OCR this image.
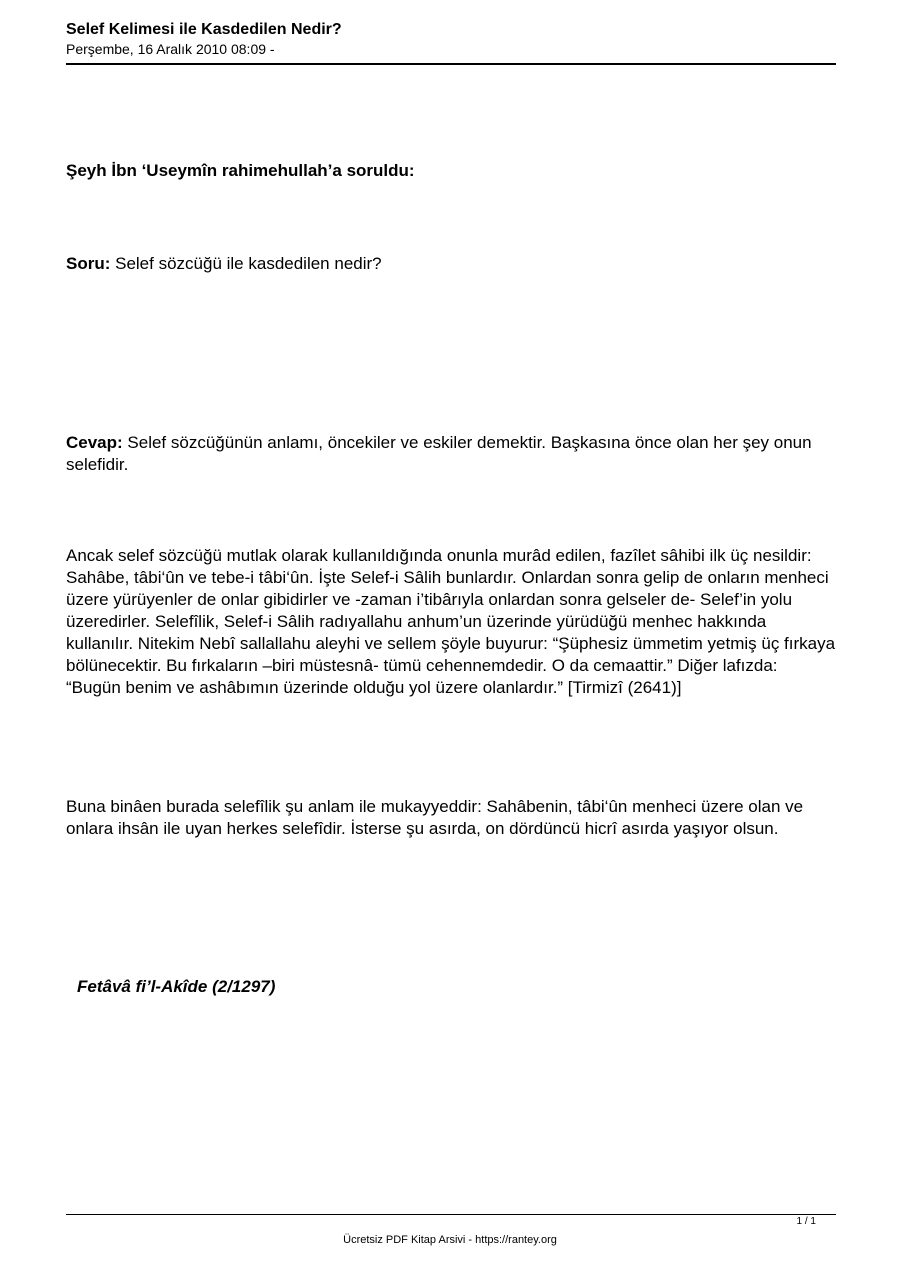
Selef Kelimesi ile Kasdedilen Nedir?
Perşembe, 16 Aralık 2010 08:09 -
Şeyh İbn ‘Useymîn rahimehullah’a soruldu:
Soru: Selef sözcüğü ile kasdedilen nedir?
Cevap: Selef sözcüğünün anlamı, öncekiler ve eskiler demektir. Başkasına önce olan her şey onun selefidir.
Ancak selef sözcüğü mutlak olarak kullanıldığında onunla murâd edilen, fazîlet sâhibi ilk üç nesildir: Sahâbe, tâbi‘ûn ve tebe-i tâbi‘ûn. İşte Selef-i Sâlih bunlardır. Onlardan sonra gelip de onların menheci üzere yürüyenler de onlar gibidirler ve -zaman i’tibârıyla onlardan sonra gelseler de- Selef’in yolu üzeredirler. Selefîlik, Selef-i Sâlih radıyallahu anhum’un üzerinde yürüdüğü menhec hakkında kullanılır. Nitekim Nebî sallallahu aleyhi ve sellem şöyle buyurur: “Şüphesiz ümmetim yetmiş üç fırkaya bölünecektir. Bu fırkaların –biri müstesnâ- tümü cehennemdedir. O da cemaattir.” Diğer lafızda: “Bugün benim ve ashâbımın üzerinde olduğu yol üzere olanlardır.” [Tirmizî (2641)]
Buna binâen burada selefîlik şu anlam ile mukayyeddir: Sahâbenin, tâbi‘ûn menheci üzere olan ve onlara ihsân ile uyan herkes selefîdir. İsterse şu asırda, on dördüncü hicrî asırda yaşıyor olsun.
Fetâvâ fi’l-Akîde (2/1297)
1 / 1
Ücretsiz PDF Kitap Arsivi - https://rantey.org
